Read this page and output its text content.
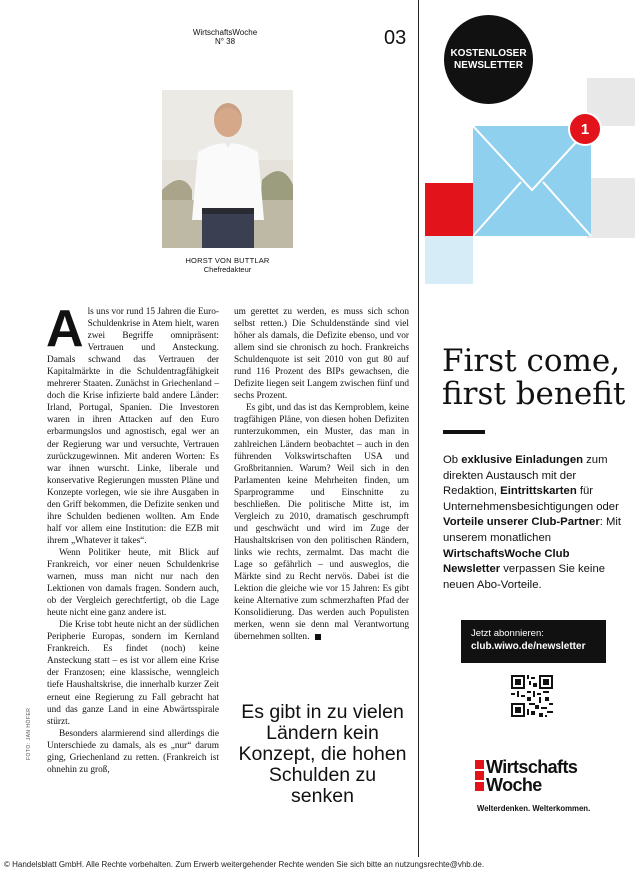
WirtschaftsWoche
N° 38	03
HORST VON BUTTLAR
Chefredakteur

Als uns vor rund 15 Jahren die Euro-Schuldenkrise in Atem hielt, waren zwei Begriffe omnipräsent: Vertrauen und Ansteckung. Damals schwand das Vertrauen der Kapitalmärkte in die Schuldentragfähigkeit mehrerer Staaten. Zunächst in Griechenland – doch die Krise infizierte bald andere Länder: Irland, Portugal, Spanien. Die Investoren waren in ihren Attacken auf den Euro erbarmungslos und agnostisch, egal wer an der Regierung war und versuchte, Vertrauen zurückzugewinnen. Mit anderen Worten: Es war ihnen wurscht. Linke, liberale und konservative Regierungen mussten Pläne und Konzepte vorlegen, wie sie ihre Ausgaben in den Griff bekommen, die Defizite senken und ihre Schulden bedienen wollten. Am Ende half vor allem eine Institution: die EZB mit ihrem „Whatever it takes“.

Wenn Politiker heute, mit Blick auf Frankreich, vor einer neuen Schuldenkrise warnen, muss man nicht nur nach den Lektionen von damals fragen. Sondern auch, ob der Vergleich gerechtfertigt, ob die Lage heute nicht eine ganz andere ist.

Die Krise tobt heute nicht an der südlichen Peripherie Europas, sondern im Kernland Frankreich. Es findet (noch) keine Ansteckung statt – es ist vor allem eine Krise der Franzosen; eine klassische, wenngleich tiefe Haushaltskrise, die innerhalb kurzer Zeit erneut eine Regierung zu Fall gebracht hat und das ganze Land in eine Abwärtsspirale stürzt.

Besonders alarmierend sind allerdings die Unterschiede zu damals, als es „nur“ darum ging, Griechenland zu retten. (Frankreich ist ohnehin zu groß,

um gerettet zu werden, es muss sich schon selbst retten.) Die Schuldenstände sind viel höher als damals, die Defizite ebenso, und vor allem sind sie chronisch zu hoch. Frankreichs Schuldenquote ist seit 2010 von gut 80 auf rund 116 Prozent des BIPs gewachsen, die Defizite liegen seit Langem zwischen fünf und sechs Prozent.

Es gibt, und das ist das Kernproblem, keine tragfähigen Pläne, von diesen hohen Defiziten runterzukommen, ein Muster, das man in zahlreichen Ländern beobachtet – auch in den führenden Volkswirtschaften USA und Großbritannien. Warum? Weil sich in den Parlamenten keine Mehrheiten finden, um Sparprogramme und Einschnitte zu beschließen. Die politische Mitte ist, im Vergleich zu 2010, dramatisch geschrumpft und geschwächt und wird im Zuge der Haushaltskrisen von den politischen Rändern, links wie rechts, zermalmt. Das macht die Lage so gefährlich – und ausweglos, die Märkte sind zu Recht nervös. Dabei ist die Lektion die gleiche wie vor 15 Jahren: Es gibt keine Alternative zum schmerzhaften Pfad der Konsolidierung. Das werden auch Populisten merken, wenn sie denn mal Verantwortung übernehmen sollten.

FOTO: JAN HÖFER	Es gibt in zu vielen Ländern kein Konzept, die hohen Schulden zu senken
1
KOSTENLOSER
NEWSLETTER
First come,
first benefit
Ob exklusive Einladungen zum direkten Austausch mit der Redaktion, Eintrittskarten für Unternehmensbesichtigungen oder Vorteile unserer Club-Partner: Mit unserem monatlichen WirtschaftsWoche Club Newsletter verpassen Sie keine neuen Abo-Vorteile.
Jetzt abonnieren:
club.wiwo.de/newsletter
Wirtschafts
Woche
Welterdenken. Welterkommen.
© Handelsblatt GmbH. Alle Rechte vorbehalten. Zum Erwerb weitergehender Rechte wenden Sie sich bitte an nutzungsrechte@vhb.de.
